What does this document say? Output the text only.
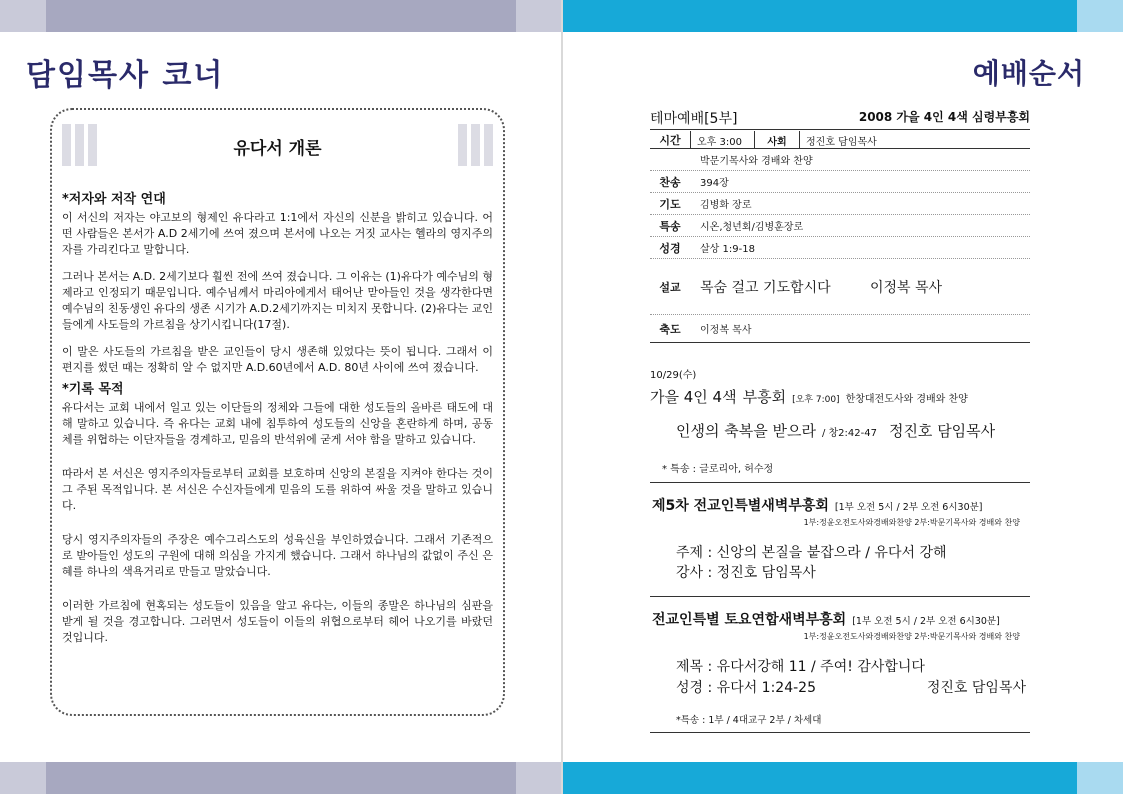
담임목사 코너	예배순서
유다서 개론
*저자와 저작 연대

이 서신의 저자는 야고보의 형제인 유다라고 1:1에서 자신의 신분을 밝히고 있습니다. 어떤 사람들은 본서가 A.D 2세기에 쓰여 졌으며 본서에 나오는 거짓 교사는 헬라의 영지주의자를 가리킨다고 말합니다.

그러나 본서는 A.D. 2세기보다 훨씬 전에 쓰여 졌습니다. 그 이유는 (1)유다가 예수님의 형제라고 인정되기 때문입니다. 예수님께서 마리아에게서 태어난 맏아들인 것을 생각한다면 예수님의 친동생인 유다의 생존 시기가 A.D.2세기까지는 미치지 못합니다. (2)유다는 교인들에게 사도들의 가르침을 상기시킵니다(17절).

이 말은 사도들의 가르침을 받은 교인들이 당시 생존해 있었다는 뜻이 됩니다. 그래서 이 편지를 썼던 때는 정확히 알 수 없지만 A.D.60년에서 A.D. 80년 사이에 쓰여 졌습니다.

*기록 목적

유다서는 교회 내에서 일고 있는 이단들의 정체와 그들에 대한 성도들의 올바른 태도에 대해 말하고 있습니다. 즉 유다는 교회 내에 침투하여 성도들의 신앙을 혼란하게 하며, 공동체를 위협하는 이단자들을 경계하고, 믿음의 반석위에 굳게 서야 함을 말하고 있습니다.

따라서 본 서신은 영지주의자들로부터 교회를 보호하며 신앙의 본질을 지켜야 한다는 것이 그 주된 목적입니다. 본 서신은 수신자들에게 믿음의 도를 위하여 싸울 것을 말하고 있습니다.

당시 영지주의자들의 주장은 예수그리스도의 성육신을 부인하였습니다. 그래서 기존적으로 받아들인 성도의 구원에 대해 의심을 가지게 했습니다. 그래서 하나님의 값없이 주신 은혜를 하나의 색욕거리로 만들고 말았습니다.

이러한 가르침에 현혹되는 성도들이 있음을 알고 유다는, 이들의 종말은 하나님의 심판을 받게 될 것을 경고합니다. 그러면서 성도들이 이들의 위협으로부터 헤어 나오기를 바랐던 것입니다.

테마예배[5부]	2008 가을 4인 4색 심령부흥회
시간	오후 3:00	사회	정진호 담임목사
박문기목사와 경배와 찬양
찬송	394장
기도	김병화 장로
특송	시온,청년회/김병훈장로
성경	살상 1:9-18
설교	목숨 걸고 기도합시다	이정복 목사
축도	이정복 목사
10/29(수)
가을 4인 4색 부흥회 [오후 7:00] 한창대전도사와 경배와 찬양
인생의 축복을 받으라 / 창2:42-47 정진호 담임목사
* 특송 : 글로리아, 허수정
제5차 전교인특별새벽부흥회 [1부 오전 5시 / 2부 오전 6시30분]
1부:정윤오전도사와경배와찬양 2부:박문기목사와 경배와 찬양
주제 : 신앙의 본질을 붙잡으라 / 유다서 강해
강사 : 정진호 담임목사
전교인특별 토요연합새벽부흥회 [1부 오전 5시 / 2부 오전 6시30분]
1부:정윤오전도사와경배와찬양 2부:박문기목사와 경배와 찬양
제목 : 유다서강해 11 / 주여! 감사합니다
성경 : 유다서 1:24-25	정진호 담임목사
*특송 : 1부 / 4대교구 2부 / 차세대
